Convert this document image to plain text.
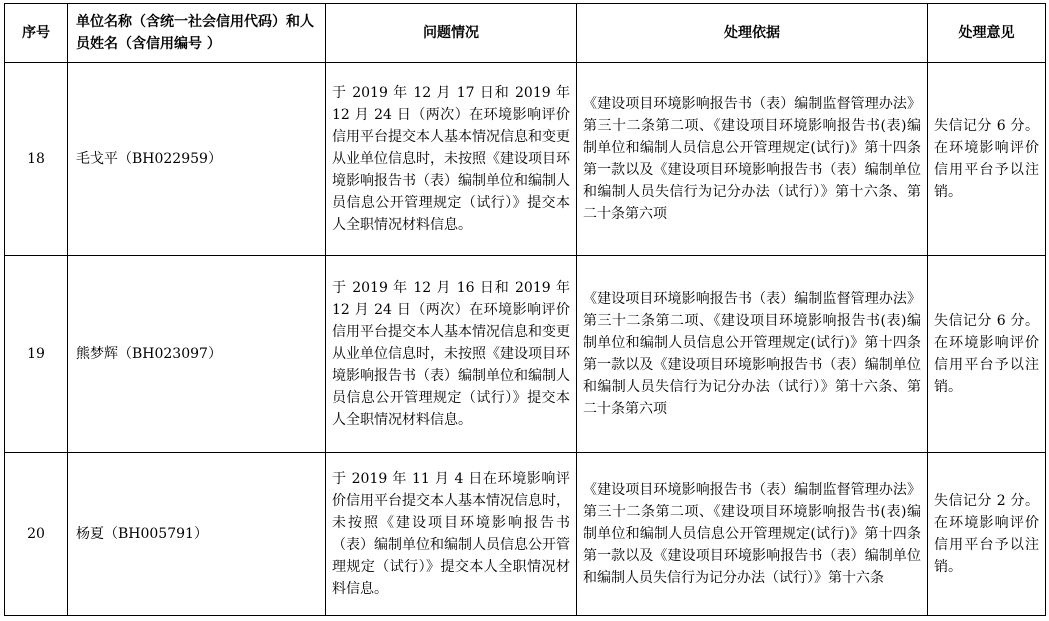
序号	单位名称（含统一社会信用代码）和人员姓名（含信用编号 ）	问题情况	处理依据	处理意见
18	毛戈平（BH022959）	于 2019 年 12 月 17 日和 2019 年 12 月 24 日（两次）在环境影响评价信用平台提交本人基本情况信息和变更从业单位信息时，未按照《建设项目环境影响报告书（表）编制单位和编制人员信息公开管理规定（试行）》提交本人全职情况材料信息。	《建设项目环境影响报告书（表）编制监督管理办法》第三十二条第二项、《建设项目环境影响报告书(表)编制单位和编制人员信息公开管理规定(试行)》第十四条第一款以及《建设项目环境影响报告书（表）编制单位和编制人员失信行为记分办法（试行）》第十六条、第二十条第六项	失信记分 6 分。在环境影响评价信用平台予以注销。
19	熊梦辉（BH023097）	于 2019 年 12 月 16 日和 2019 年 12 月 24 日（两次）在环境影响评价信用平台提交本人基本情况信息和变更从业单位信息时，未按照《建设项目环境影响报告书（表）编制单位和编制人员信息公开管理规定（试行）》提交本人全职情况材料信息。	《建设项目环境影响报告书（表）编制监督管理办法》第三十二条第二项、《建设项目环境影响报告书(表)编制单位和编制人员信息公开管理规定(试行)》第十四条第一款以及《建设项目环境影响报告书（表）编制单位和编制人员失信行为记分办法（试行）》第十六条、第二十条第六项	失信记分 6 分。在环境影响评价信用平台予以注销。
20	杨夏（BH005791）	于 2019 年 11 月 4 日在环境影响评价信用平台提交本人基本情况信息时，未按照《建设项目环境影响报告书（表）编制单位和编制人员信息公开管理规定（试行）》提交本人全职情况材料信息。	《建设项目环境影响报告书（表）编制监督管理办法》第三十二条第二项、《建设项目环境影响报告书(表)编制单位和编制人员信息公开管理规定(试行)》第十四条第一款以及《建设项目环境影响报告书（表）编制单位和编制人员失信行为记分办法（试行）》第十六条	失信记分 2 分。在环境影响评价信用平台予以注销。
